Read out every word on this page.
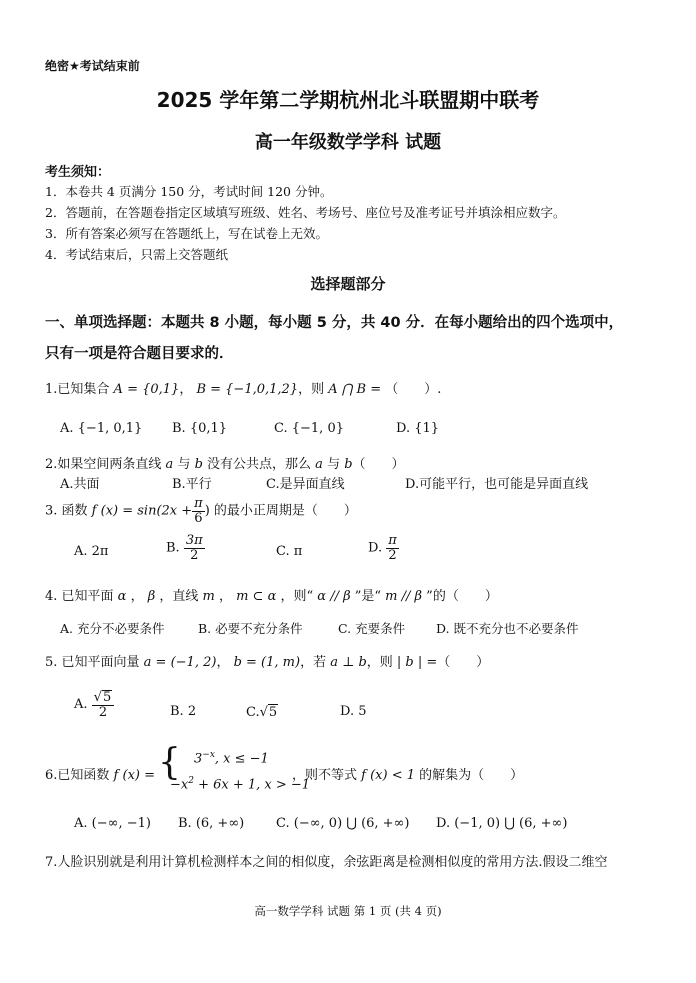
绝密★考试结束前
2025 学年第二学期杭州北斗联盟期中联考
高一年级数学学科 试题
考生须知：
1．本卷共 4 页满分 150 分，考试时间 120 分钟。
2．答题前，在答题卷指定区域填写班级、姓名、考场号、座位号及准考证号并填涂相应数字。
3．所有答案必须写在答题纸上，写在试卷上无效。
4．考试结束后，只需上交答题纸
选择题部分
一、单项选择题：本题共 8 小题，每小题 5 分，共 40 分．在每小题给出的四个选项中，
只有一项是符合题目要求的．
1.已知集合 A = {0,1}， B = {−1,0,1,2}，则 A ⋂ B = （　　）.
A. {−1, 0,1} B. {0,1}	C. {−1, 0}	D. {1}
2.如果空间两条直线 a 与 b 没有公共点，那么 a 与 b（　　）
A.共面	B.平行	C.是异面直线	D.可能平行，也可能是异面直线
3. 函数 f $(x) = \sin(2x + \frac{\pi}{6}$ ) 的最小正周期是（　　）
A. 2π	B. $\frac{3\pi}{2}$	C. π	D. $\frac{\pi}{2}$
4. 已知平面 α ， β ，直线 m ， m ⊂ α ，则“ α // β ”是“ m // β ”的（　　）
A. 充分不必要条件	B. 必要不充分条件	C. 充要条件 D. 既不充分也不必要条件
5. 已知平面向量 a = (−1, 2)， b = (1, m)，若 a ⊥ b，则 | b | =（　　）
A. $\frac{√5}{2}$	B. 2	C.√5	D. 5
6.已知函数 f (x) = { $3^{-x}$, x ≤ −1
$-x^2 + 6x + 1$, x > −1
，则不等式 f (x) < 1 的解集为（　　）
A. (−∞, −1) B. (6, +∞) C. (−∞, 0) ⋃ (6, +∞) D. (−1, 0) ⋃ (6, +∞)
7.人脸识别就是利用计算机检测样本之间的相似度，余弦距离是检测相似度的常用方法.假设二维空
高一数学学科 试题 第 1 页 (共 4 页)
